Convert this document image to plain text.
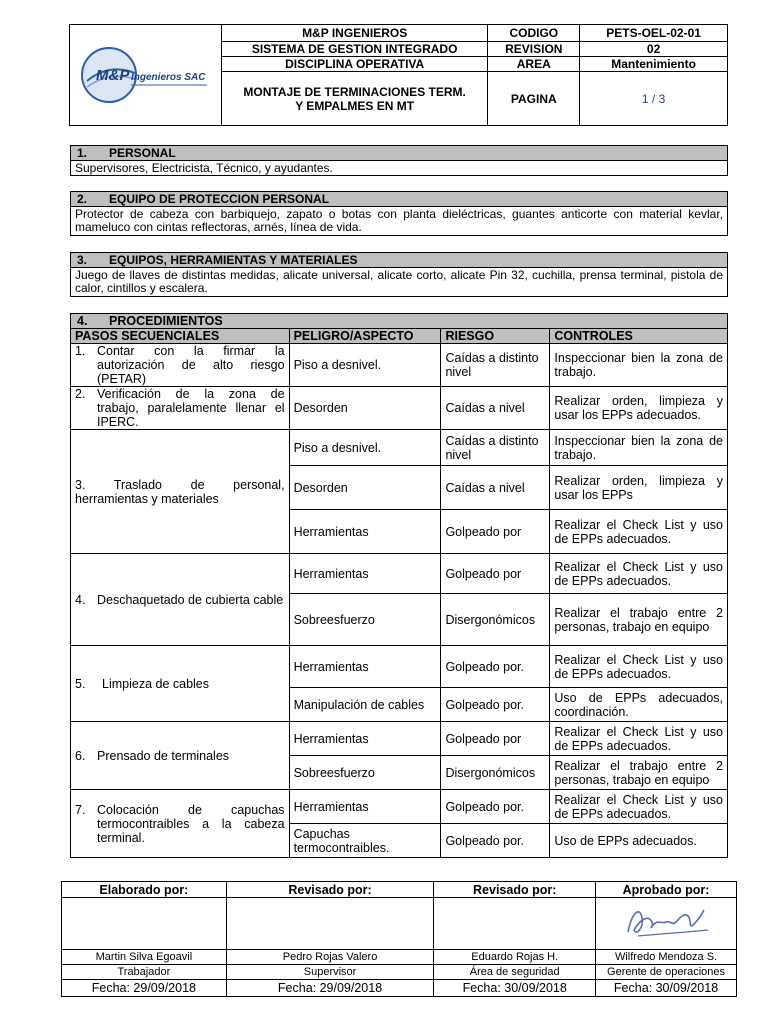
M&P Ingenieros SAC	M&P INGENIEROS	CODIGO	PETS-OEL-02-01
	SISTEMA DE GESTION INTEGRADO	REVISION	02
	DISCIPLINA OPERATIVA	AREA	Mantenimiento
	MONTAJE DE TERMINACIONES TERM. Y EMPALMES EN MT	PAGINA	1 / 3
1. PERSONAL
Supervisores, Electricista, Técnico, y ayudantes.
2. EQUIPO DE PROTECCION PERSONAL
Protector de cabeza con barbiquejo, zapato o botas con planta dieléctricas, guantes anticorte con material kevlar, mameluco con cintas reflectoras, arnés, línea de vida.
3. EQUIPOS, HERRAMIENTAS Y MATERIALES
Juego de llaves de distintas medidas, alicate universal, alicate corto, alicate Pin 32, cuchilla, prensa terminal, pistola de calor, cintillos y escalera.
4. PROCEDIMIENTOS			
PASOS SECUENCIALES	PELIGRO/ASPECTO	RIESGO	CONTROLES

1. Contar con la firmar la autorización de alto riesgo (PETAR)	Piso a desnivel.	Caídas a distinto nivel	Inspeccionar bien la zona de trabajo.

2. Verificación de la zona de trabajo, paralelamente llenar el IPERC.	Desorden	Caídas a nivel	Realizar orden, limpieza y usar los EPPs adecuados.
3. Traslado de personal, herramientas y materiales	Piso a desnivel.	Caídas a distinto nivel	Inspeccionar bien la zona de trabajo.
	Desorden	Caídas a nivel	Realizar orden, limpieza y usar los EPPs
	Herramientas	Golpeado por	Realizar el Check List y uso de EPPs adecuados.

4. Deschaquetado de cubierta cable	Herramientas	Golpeado por	Realizar el Check List y uso de EPPs adecuados.
	Sobreesfuerzo	Disergonómicos	Realizar el trabajo entre 2 personas, trabajo en equipo

5. Limpieza de cables	Herramientas	Golpeado por.	Realizar el Check List y uso de EPPs adecuados.
	Manipulación de cables	Golpeado por.	Uso de EPPs adecuados, coordinación.

6. Prensado de terminales	Herramientas	Golpeado por	Realizar el Check List y uso de EPPs adecuados.
	Sobreesfuerzo	Disergonómicos	Realizar el trabajo entre 2 personas, trabajo en equipo

7. Colocación de capuchas termocontraibles a la cabeza terminal.	Herramientas	Golpeado por.	Realizar el Check List y uso de EPPs adecuados.
	Capuchas termocontraibles.	Golpeado por.	Uso de EPPs adecuados.
Elaborado por:	Revisado por:	Revisado por:	Aprobado por:

Martin Silva Egoavil	Pedro Rojas Valero	Eduardo Rojas H.	Wilfredo Mendoza S.
Trabajador	Supervisor	Área de seguridad	Gerente de operaciones
Fecha: 29/09/2018	Fecha: 29/09/2018	Fecha: 30/09/2018	Fecha: 30/09/2018
